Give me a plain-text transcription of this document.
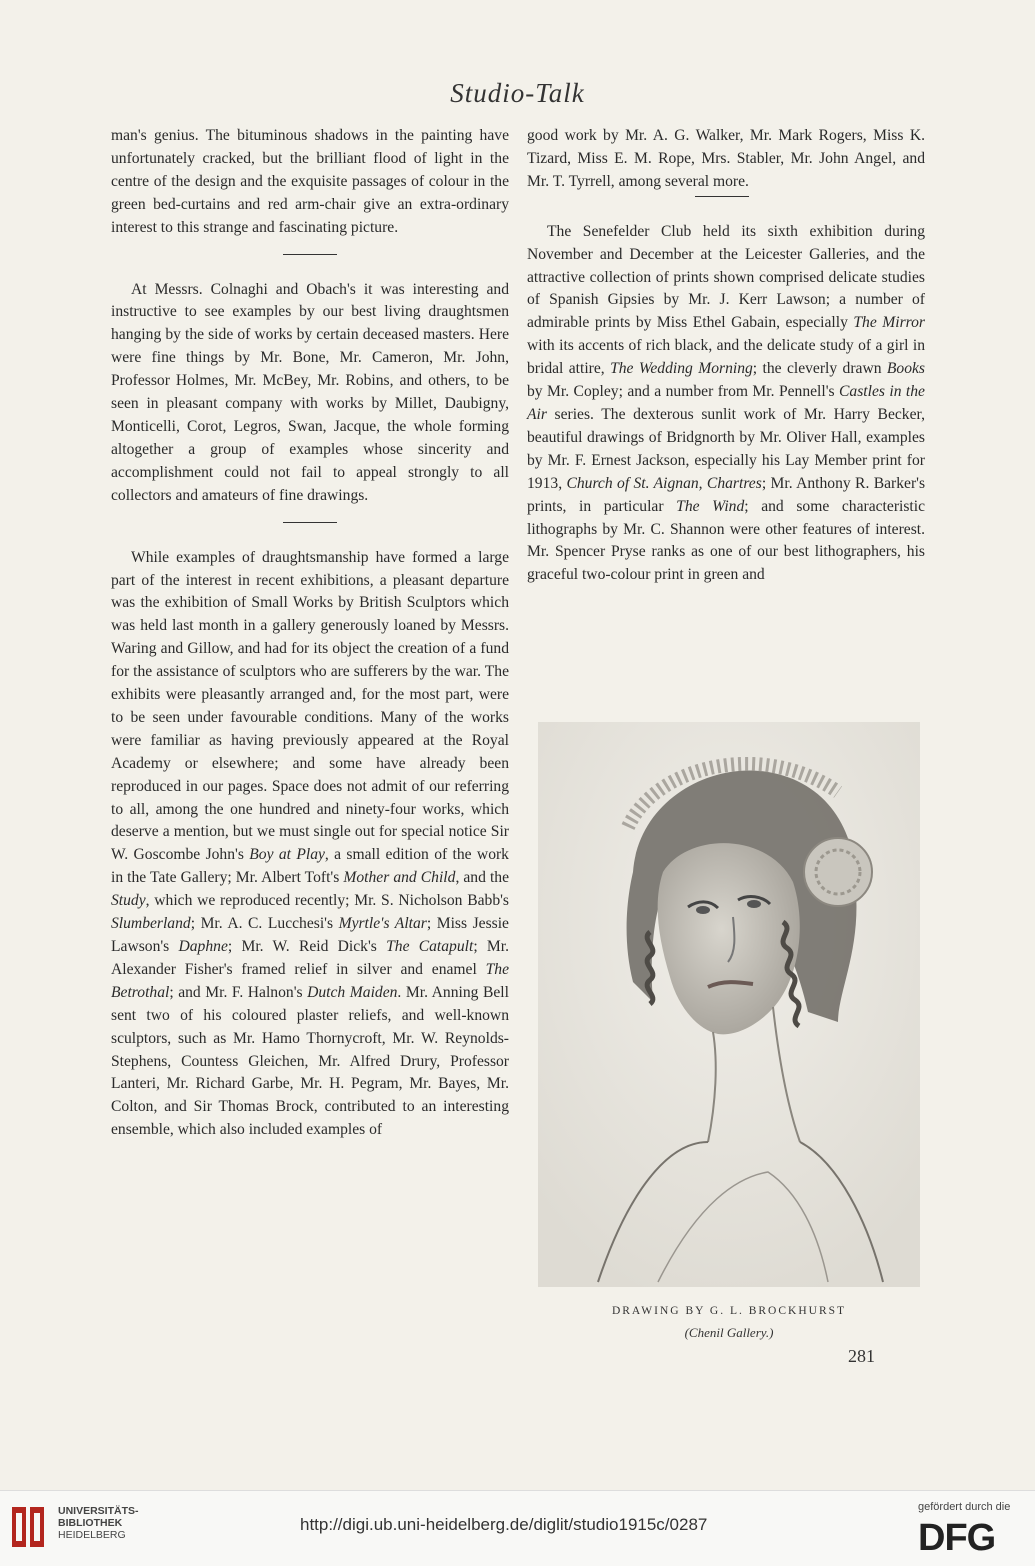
Studio-Talk

man's genius. The bituminous shadows in the painting have unfortunately cracked, but the brilliant flood of light in the centre of the design and the exquisite passages of colour in the green bed-curtains and red arm-chair give an extra-ordinary interest to this strange and fascinating picture.

At Messrs. Colnaghi and Obach's it was interesting and instructive to see examples by our best living draughtsmen hanging by the side of works by certain deceased masters. Here were fine things by Mr. Bone, Mr. Cameron, Mr. John, Professor Holmes, Mr. McBey, Mr. Robins, and others, to be seen in pleasant company with works by Millet, Daubigny, Monticelli, Corot, Legros, Swan, Jacque, the whole forming altogether a group of examples whose sincerity and accomplishment could not fail to appeal strongly to all collectors and amateurs of fine drawings.

While examples of draughtsmanship have formed a large part of the interest in recent exhibitions, a pleasant departure was the exhibition of Small Works by British Sculptors which was held last month in a gallery generously loaned by Messrs. Waring and Gillow, and had for its object the creation of a fund for the assistance of sculptors who are sufferers by the war. The exhibits were pleasantly arranged and, for the most part, were to be seen under favourable conditions. Many of the works were familiar as having previously appeared at the Royal Academy or elsewhere; and some have already been reproduced in our pages. Space does not admit of our referring to all, among the one hundred and ninety-four works, which deserve a mention, but we must single out for special notice Sir W. Goscombe John's Boy at Play, a small edition of the work in the Tate Gallery; Mr. Albert Toft's Mother and Child, and the Study, which we reproduced recently; Mr. S. Nicholson Babb's Slumberland; Mr. A. C. Lucchesi's Myrtle's Altar; Miss Jessie Lawson's Daphne; Mr. W. Reid Dick's The Catapult; Mr. Alexander Fisher's framed relief in silver and enamel The Betrothal; and Mr. F. Halnon's Dutch Maiden. Mr. Anning Bell sent two of his coloured plaster reliefs, and well-known sculptors, such as Mr. Hamo Thornycroft, Mr. W. Reynolds-Stephens, Countess Gleichen, Mr. Alfred Drury, Professor Lanteri, Mr. Richard Garbe, Mr. H. Pegram, Mr. Bayes, Mr. Colton, and Sir Thomas Brock, contributed to an interesting ensemble, which also included examples of

good work by Mr. A. G. Walker, Mr. Mark Rogers, Miss K. Tizard, Miss E. M. Rope, Mrs. Stabler, Mr. John Angel, and Mr. T. Tyrrell, among several more.

The Senefelder Club held its sixth exhibition during November and December at the Leicester Galleries, and the attractive collection of prints shown comprised delicate studies of Spanish Gipsies by Mr. J. Kerr Lawson; a number of admirable prints by Miss Ethel Gabain, especially The Mirror with its accents of rich black, and the delicate study of a girl in bridal attire, The Wedding Morning; the cleverly drawn Books by Mr. Copley; and a number from Mr. Pennell's Castles in the Air series. The dexterous sunlit work of Mr. Harry Becker, beautiful drawings of Bridgnorth by Mr. Oliver Hall, examples by Mr. F. Ernest Jackson, especially his Lay Member print for 1913, Church of St. Aignan, Chartres; Mr. Anthony R. Barker's prints, in particular The Wind; and some characteristic lithographs by Mr. C. Shannon were other features of interest. Mr. Spencer Pryse ranks as one of our best lithographers, his graceful two-colour print in green and

DRAWING BY G. L. BROCKHURST
(Chenil Gallery.)
281
UNIVERSITÄTS-
BIBLIOTHEK
HEIDELBERG
http://digi.ub.uni-heidelberg.de/diglit/studio1915c/0287
gefördert durch die
DFG
